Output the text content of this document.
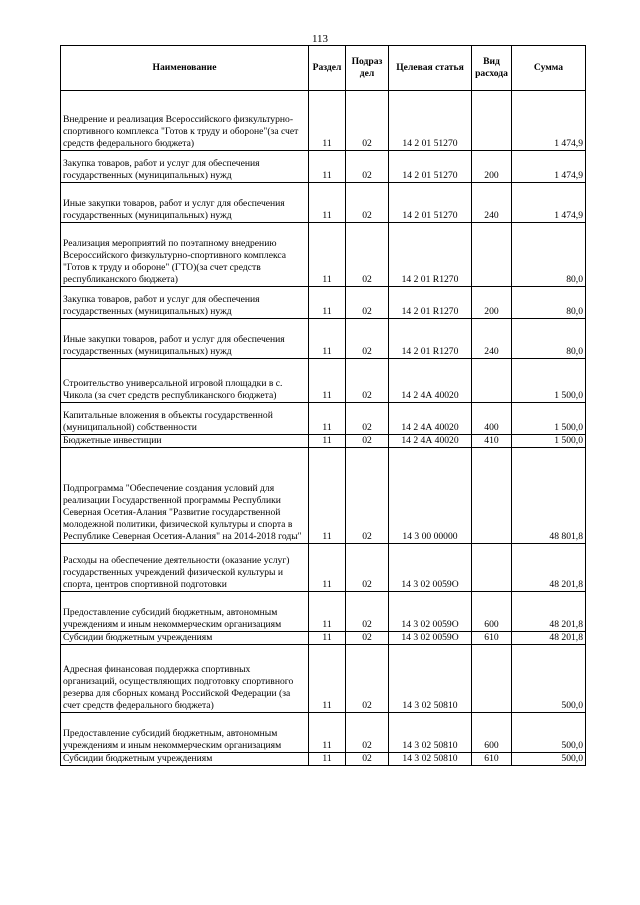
113
Наименование	Раздел	Подраз дел	Целевая статья	Вид расхода	Сумма
Внедрение и реализация Всероссийского физкультурно-спортивного комплекса "Готов к труду и обороне"(за счет средств федерального бюджета)	11	02	14 2 01 51270		1 474,9
Закупка товаров, работ и услуг для обеспечения государственных (муниципальных) нужд	11	02	14 2 01 51270	200	1 474,9
Иные закупки товаров, работ и услуг для обеспечения государственных (муниципальных) нужд	11	02	14 2 01 51270	240	1 474,9
Реализация мероприятий по поэтапному внедрению Всероссийского физкультурно-спортивного комплекса "Готов к труду и обороне" (ГТО)(за счет средств республиканского бюджета)	11	02	14 2 01 R1270		80,0
Закупка товаров, работ и услуг для обеспечения государственных (муниципальных) нужд	11	02	14 2 01 R1270	200	80,0
Иные закупки товаров, работ и услуг для обеспечения государственных (муниципальных) нужд	11	02	14 2 01 R1270	240	80,0
Строительство универсальной игровой площадки в с. Чикола (за счет средств республиканского бюджета)	11	02	14 2 4А 40020		1 500,0
Капитальные вложения в объекты государственной (муниципальной) собственности	11	02	14 2 4А 40020	400	1 500,0
Бюджетные инвестиции	11	02	14 2 4А 40020	410	1 500,0
Подпрограмма "Обеспечение создания условий для реализации Государственной программы Республики Северная Осетия-Алания "Развитие государственной молодежной политики, физической культуры и спорта в Республике Северная Осетия-Алания" на 2014-2018 годы"	11	02	14 3 00 00000		48 801,8
Расходы на обеспечение деятельности (оказание услуг) государственных учреждений физической культуры и спорта, центров спортивной подготовки	11	02	14 3 02 0059О		48 201,8
Предоставление субсидий бюджетным, автономным учреждениям и иным некоммерческим организациям	11	02	14 3 02 0059О	600	48 201,8
Субсидии бюджетным учреждениям	11	02	14 3 02 0059О	610	48 201,8
Адресная финансовая поддержка спортивных организаций, осуществляющих подготовку спортивного резерва для сборных команд Российской Федерации (за счет средств федерального бюджета)	11	02	14 3 02 50810		500,0
Предоставление субсидий бюджетным, автономным учреждениям и иным некоммерческим организациям	11	02	14 3 02 50810	600	500,0
Субсидии бюджетным учреждениям	11	02	14 3 02 50810	610	500,0
